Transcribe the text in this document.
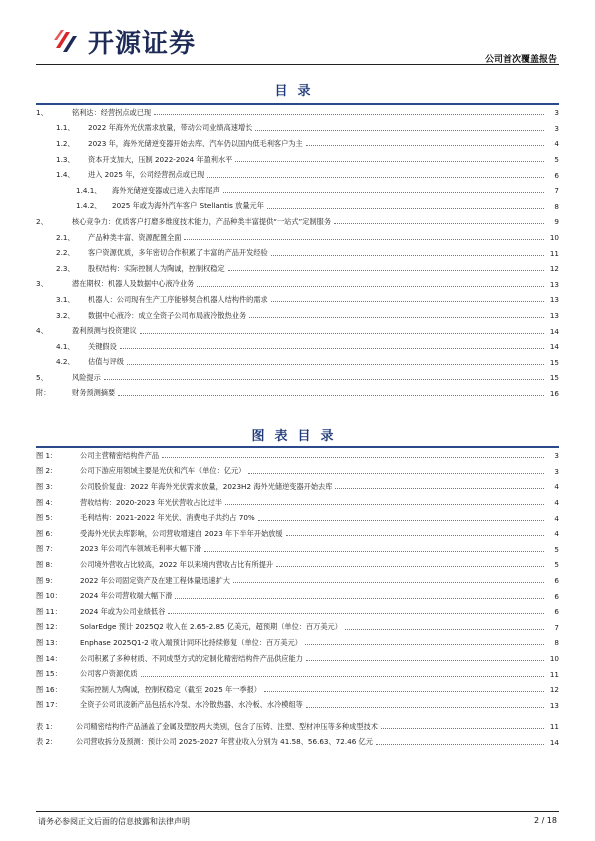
开源证券
公司首次覆盖报告
目录
1、	铭利达：经营拐点或已现	3
1.1、	2022 年海外光伏需求放量，带动公司业绩高速增长	3
1.2、	2023 年，海外光储逆变器开始去库、汽车仍以国内低毛利客户为主	4
1.3、	资本开支加大，压制 2022-2024 年盈利水平	5
1.4、	进入 2025 年，公司经营拐点或已现	6
1.4.1、	海外光储逆变器或已进入去库尾声	7
1.4.2、	2025 年或为海外汽车客户 Stellantis 放量元年	8
2、	核心竞争力：优质客户打磨多维度技术能力，产品种类丰富提供“一站式”定制服务	9
2.1、	产品种类丰富、资源配置全面	10
2.2、	客户资源优质，多年密切合作积累了丰富的产品开发经验	11
2.3、	股权结构：实际控制人为陶诚，控制权稳定	12
3、	潜在期权：机器人及数据中心液冷业务	13
3.1、	机器人：公司现有生产工序能够契合机器人结构件的需求	13
3.2、	数据中心液冷：成立全资子公司布局液冷散热业务	13
4、	盈利预测与投资建议	14
4.1、	关键假设	14
4.2、	估值与评级	15
5、	风险提示	15
附：	财务预测摘要	16
图表目录
图 1：	公司主营精密结构件产品	3
图 2：	公司下游应用领域主要是光伏和汽车（单位：亿元）	3
图 3：	公司股价复盘：2022 年海外光伏需求放量，2023H2 海外光储逆变器开始去库	4
图 4：	营收结构：2020-2023 年光伏营收占比过半	4
图 5：	毛利结构：2021-2022 年光伏、消费电子共约占 70%	4
图 6：	受海外光伏去库影响，公司营收增速自 2023 年下半年开始放缓	4
图 7：	2023 年公司汽车领域毛利率大幅下滑	5
图 8：	公司境外营收占比较高，2022 年以来境内营收占比有所提升	5
图 9：	2022 年公司固定资产及在建工程体量迅速扩大	6
图 10：	2024 年公司营收端大幅下滑	6
图 11：	2024 年或为公司业绩低谷	6
图 12：	SolarEdge 预计 2025Q2 收入在 2.65-2.85 亿美元，超预期（单位：百万美元）	7
图 13：	Enphase 2025Q1-2 收入端预计同环比持续修复（单位：百万美元）	8
图 14：	公司积累了多种材质、不同成型方式的定制化精密结构件产品供应能力	10
图 15：	公司客户资源优质	11
图 16：	实际控制人为陶诚，控制权稳定（截至 2025 年一季报）	12
图 17：	全资子公司讯凌新产品包括水冷泵、水冷散热器、水冷板、水冷模组等	13
表 1：	公司精密结构件产品涵盖了金属及塑胶两大类别，包含了压铸、注塑、型材冲压等多种成型技术	11
表 2：	公司营收拆分及预测：预计公司 2025-2027 年营业收入分别为 41.58、56.63、72.46 亿元	14
请务必参阅正文后面的信息披露和法律声明	2 / 18
